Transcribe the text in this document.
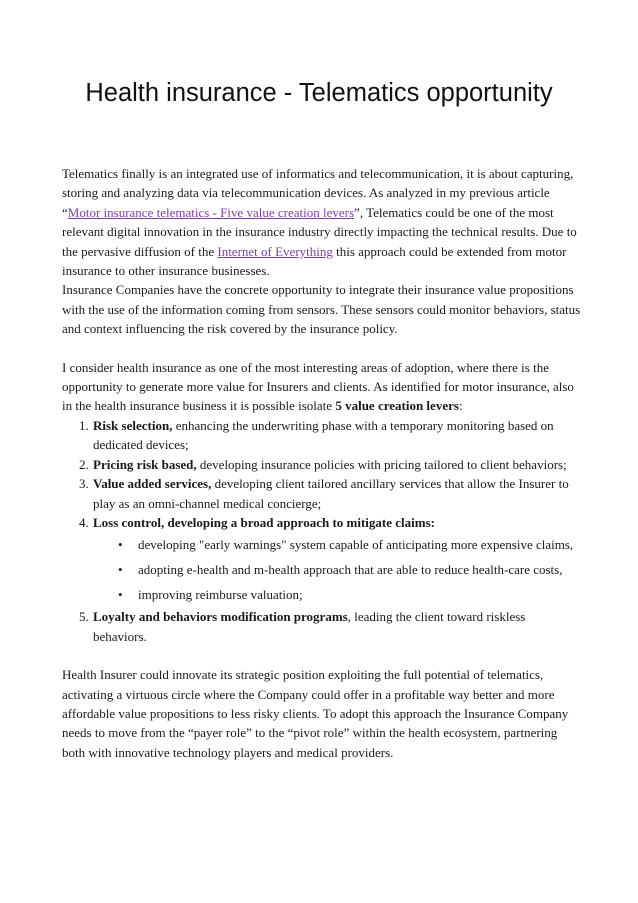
Health insurance - Telematics opportunity

Telematics finally is an integrated use of informatics and telecommunication, it is about capturing, storing and analyzing data via telecommunication devices. As analyzed in my previous article “Motor insurance telematics - Five value creation levers”, Telematics could be one of the most relevant digital innovation in the insurance industry directly impacting the technical results. Due to the pervasive diffusion of the Internet of Everything this approach could be extended from motor insurance to other insurance businesses.

Insurance Companies have the concrete opportunity to integrate their insurance value propositions with the use of the information coming from sensors. These sensors could monitor behaviors, status and context influencing the risk covered by the insurance policy.

I consider health insurance as one of the most interesting areas of adoption, where there is the opportunity to generate more value for Insurers and clients. As identified for motor insurance, also in the health insurance business it is possible isolate 5 value creation levers:

1. Risk selection, enhancing the underwriting phase with a temporary monitoring based on dedicated devices;
2. Pricing risk based, developing insurance policies with pricing tailored to client behaviors;
3. Value added services, developing client tailored ancillary services that allow the Insurer to play as an omni-channel medical concierge;
4. Loss control, developing a broad approach to mitigate claims:
• developing "early warnings" system capable of anticipating more expensive claims,
• adopting e-health and m-health approach that are able to reduce health-care costs,
• improving reimburse valuation;
5. Loyalty and behaviors modification programs, leading the client toward riskless behaviors.

Health Insurer could innovate its strategic position exploiting the full potential of telematics, activating a virtuous circle where the Company could offer in a profitable way better and more affordable value propositions to less risky clients. To adopt this approach the Insurance Company needs to move from the “payer role” to the “pivot role” within the health ecosystem, partnering both with innovative technology players and medical providers.
